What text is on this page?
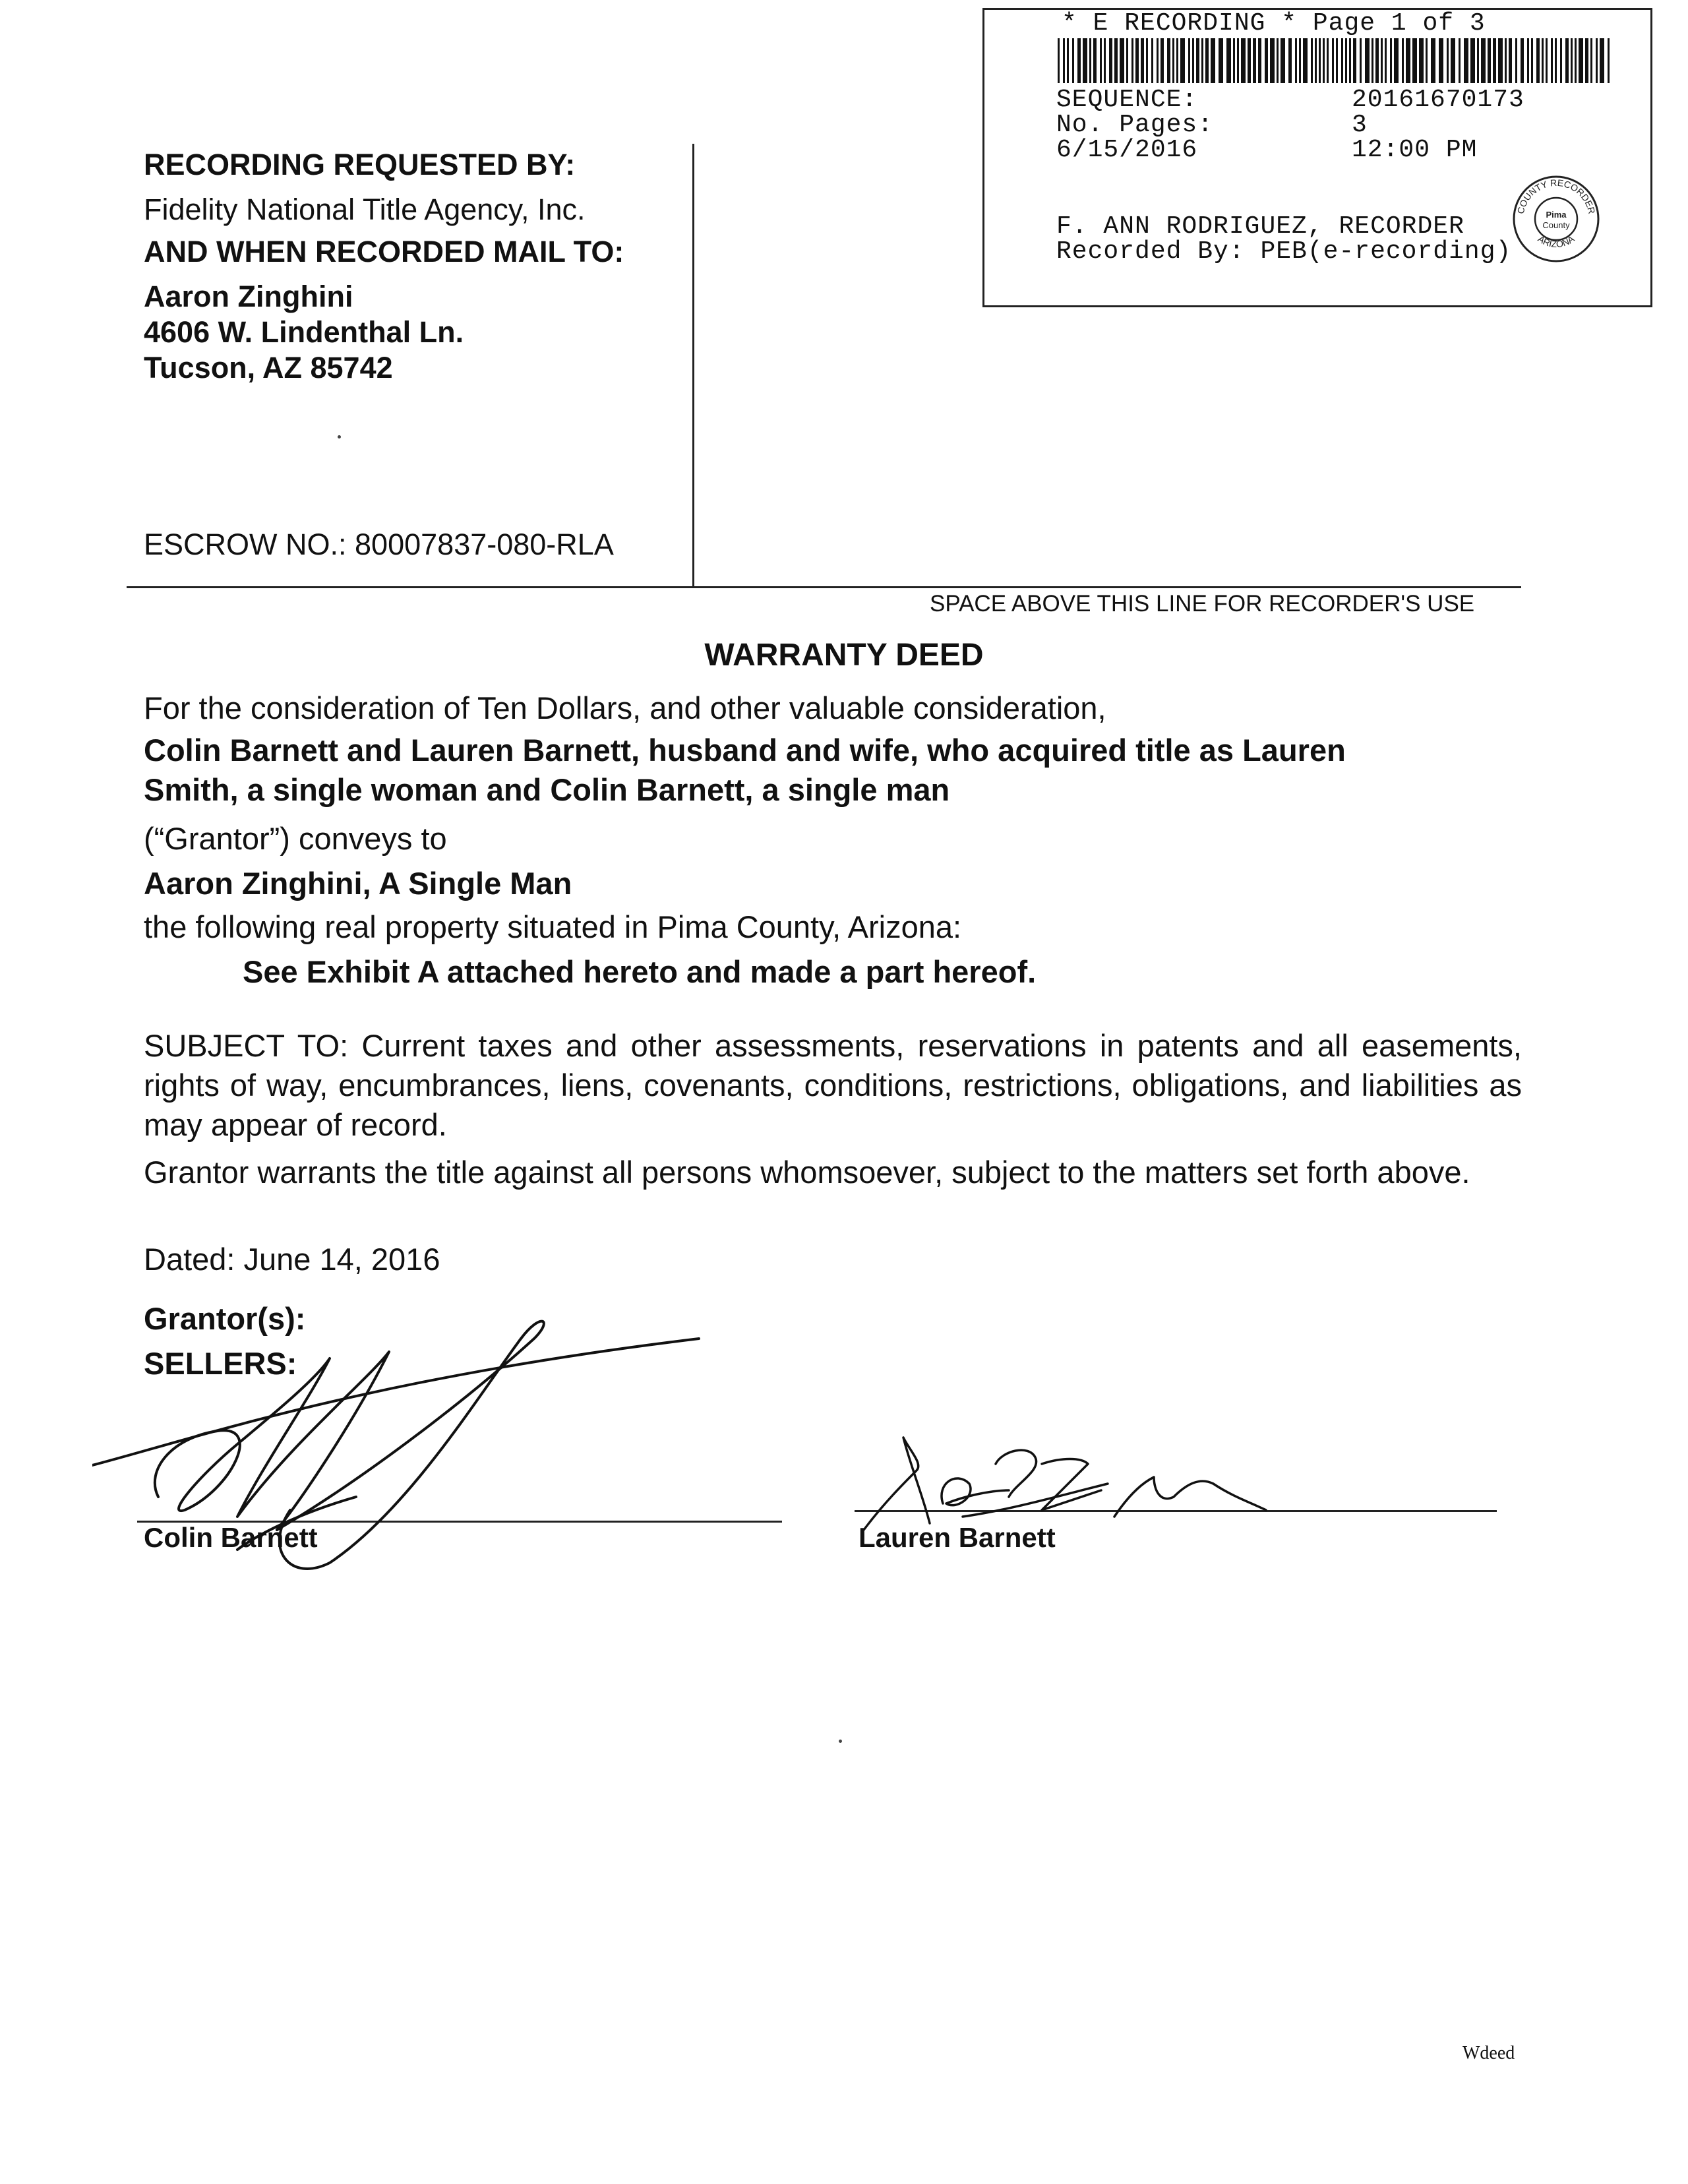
RECORDING REQUESTED BY:
Fidelity National Title Agency, Inc.
AND WHEN RECORDED MAIL TO:
Aaron Zinghini
4606 W. Lindenthal Ln.
Tucson, AZ 85742
ESCROW NO.: 80007837-080-RLA
* E RECORDING * Page 1 of 3
SEQUENCE:	20161670173
No. Pages:	3
6/15/2016	12:00 PM
F. ANN RODRIGUEZ, RECORDER
Recorded By: PEB(e-recording)
COUNTY RECORDER
ARIZONA
Pima
County
SPACE ABOVE THIS LINE FOR RECORDER'S USE
WARRANTY DEED
For the consideration of Ten Dollars, and other valuable consideration,
Colin Barnett and Lauren Barnett, husband and wife, who acquired title as Lauren
Smith, a single woman and Colin Barnett, a single man
(“Grantor”) conveys to
Aaron Zinghini, A Single Man
the following real property situated in Pima County, Arizona:
See Exhibit A attached hereto and made a part hereof.
SUBJECT TO: Current taxes and other assessments, reservations in patents and all easements, rights of way, encumbrances, liens, covenants, conditions, restrictions, obligations, and liabilities as may appear of record.
Grantor warrants the title against all persons whomsoever, subject to the matters set forth above.
Dated: June 14, 2016
Grantor(s):
SELLERS:
Colin Barnett	Lauren Barnett
Wdeed
